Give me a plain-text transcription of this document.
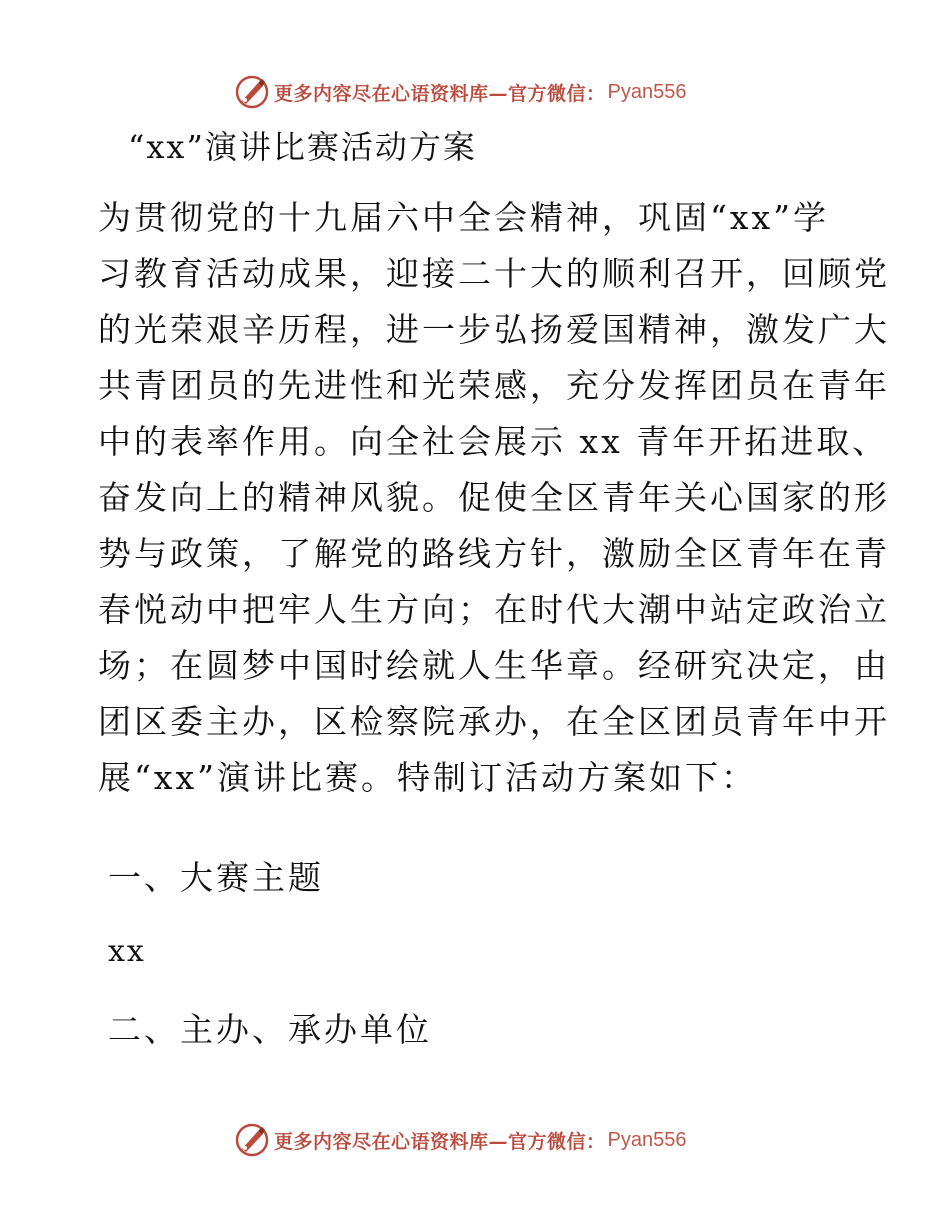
更多内容尽在心语资料库—官方微信： Pyan556
“xx”演讲比赛活动方案
为贯彻党的十九届六中全会精神，巩固“xx”学
习教育活动成果，迎接二十大的顺利召开，回顾党
的光荣艰辛历程，进一步弘扬爱国精神，激发广大
共青团员的先进性和光荣感，充分发挥团员在青年
中的表率作用。向全社会展示 xx 青年开拓进取、
奋发向上的精神风貌。促使全区青年关心国家的形
势与政策，了解党的路线方针，激励全区青年在青
春悦动中把牢人生方向；在时代大潮中站定政治立
场；在圆梦中国时绘就人生华章。经研究决定，由
团区委主办，区检察院承办，在全区团员青年中开
展“xx”演讲比赛。特制订活动方案如下：
一、大赛主题
xx
二、主办、承办单位
更多内容尽在心语资料库—官方微信： Pyan556
